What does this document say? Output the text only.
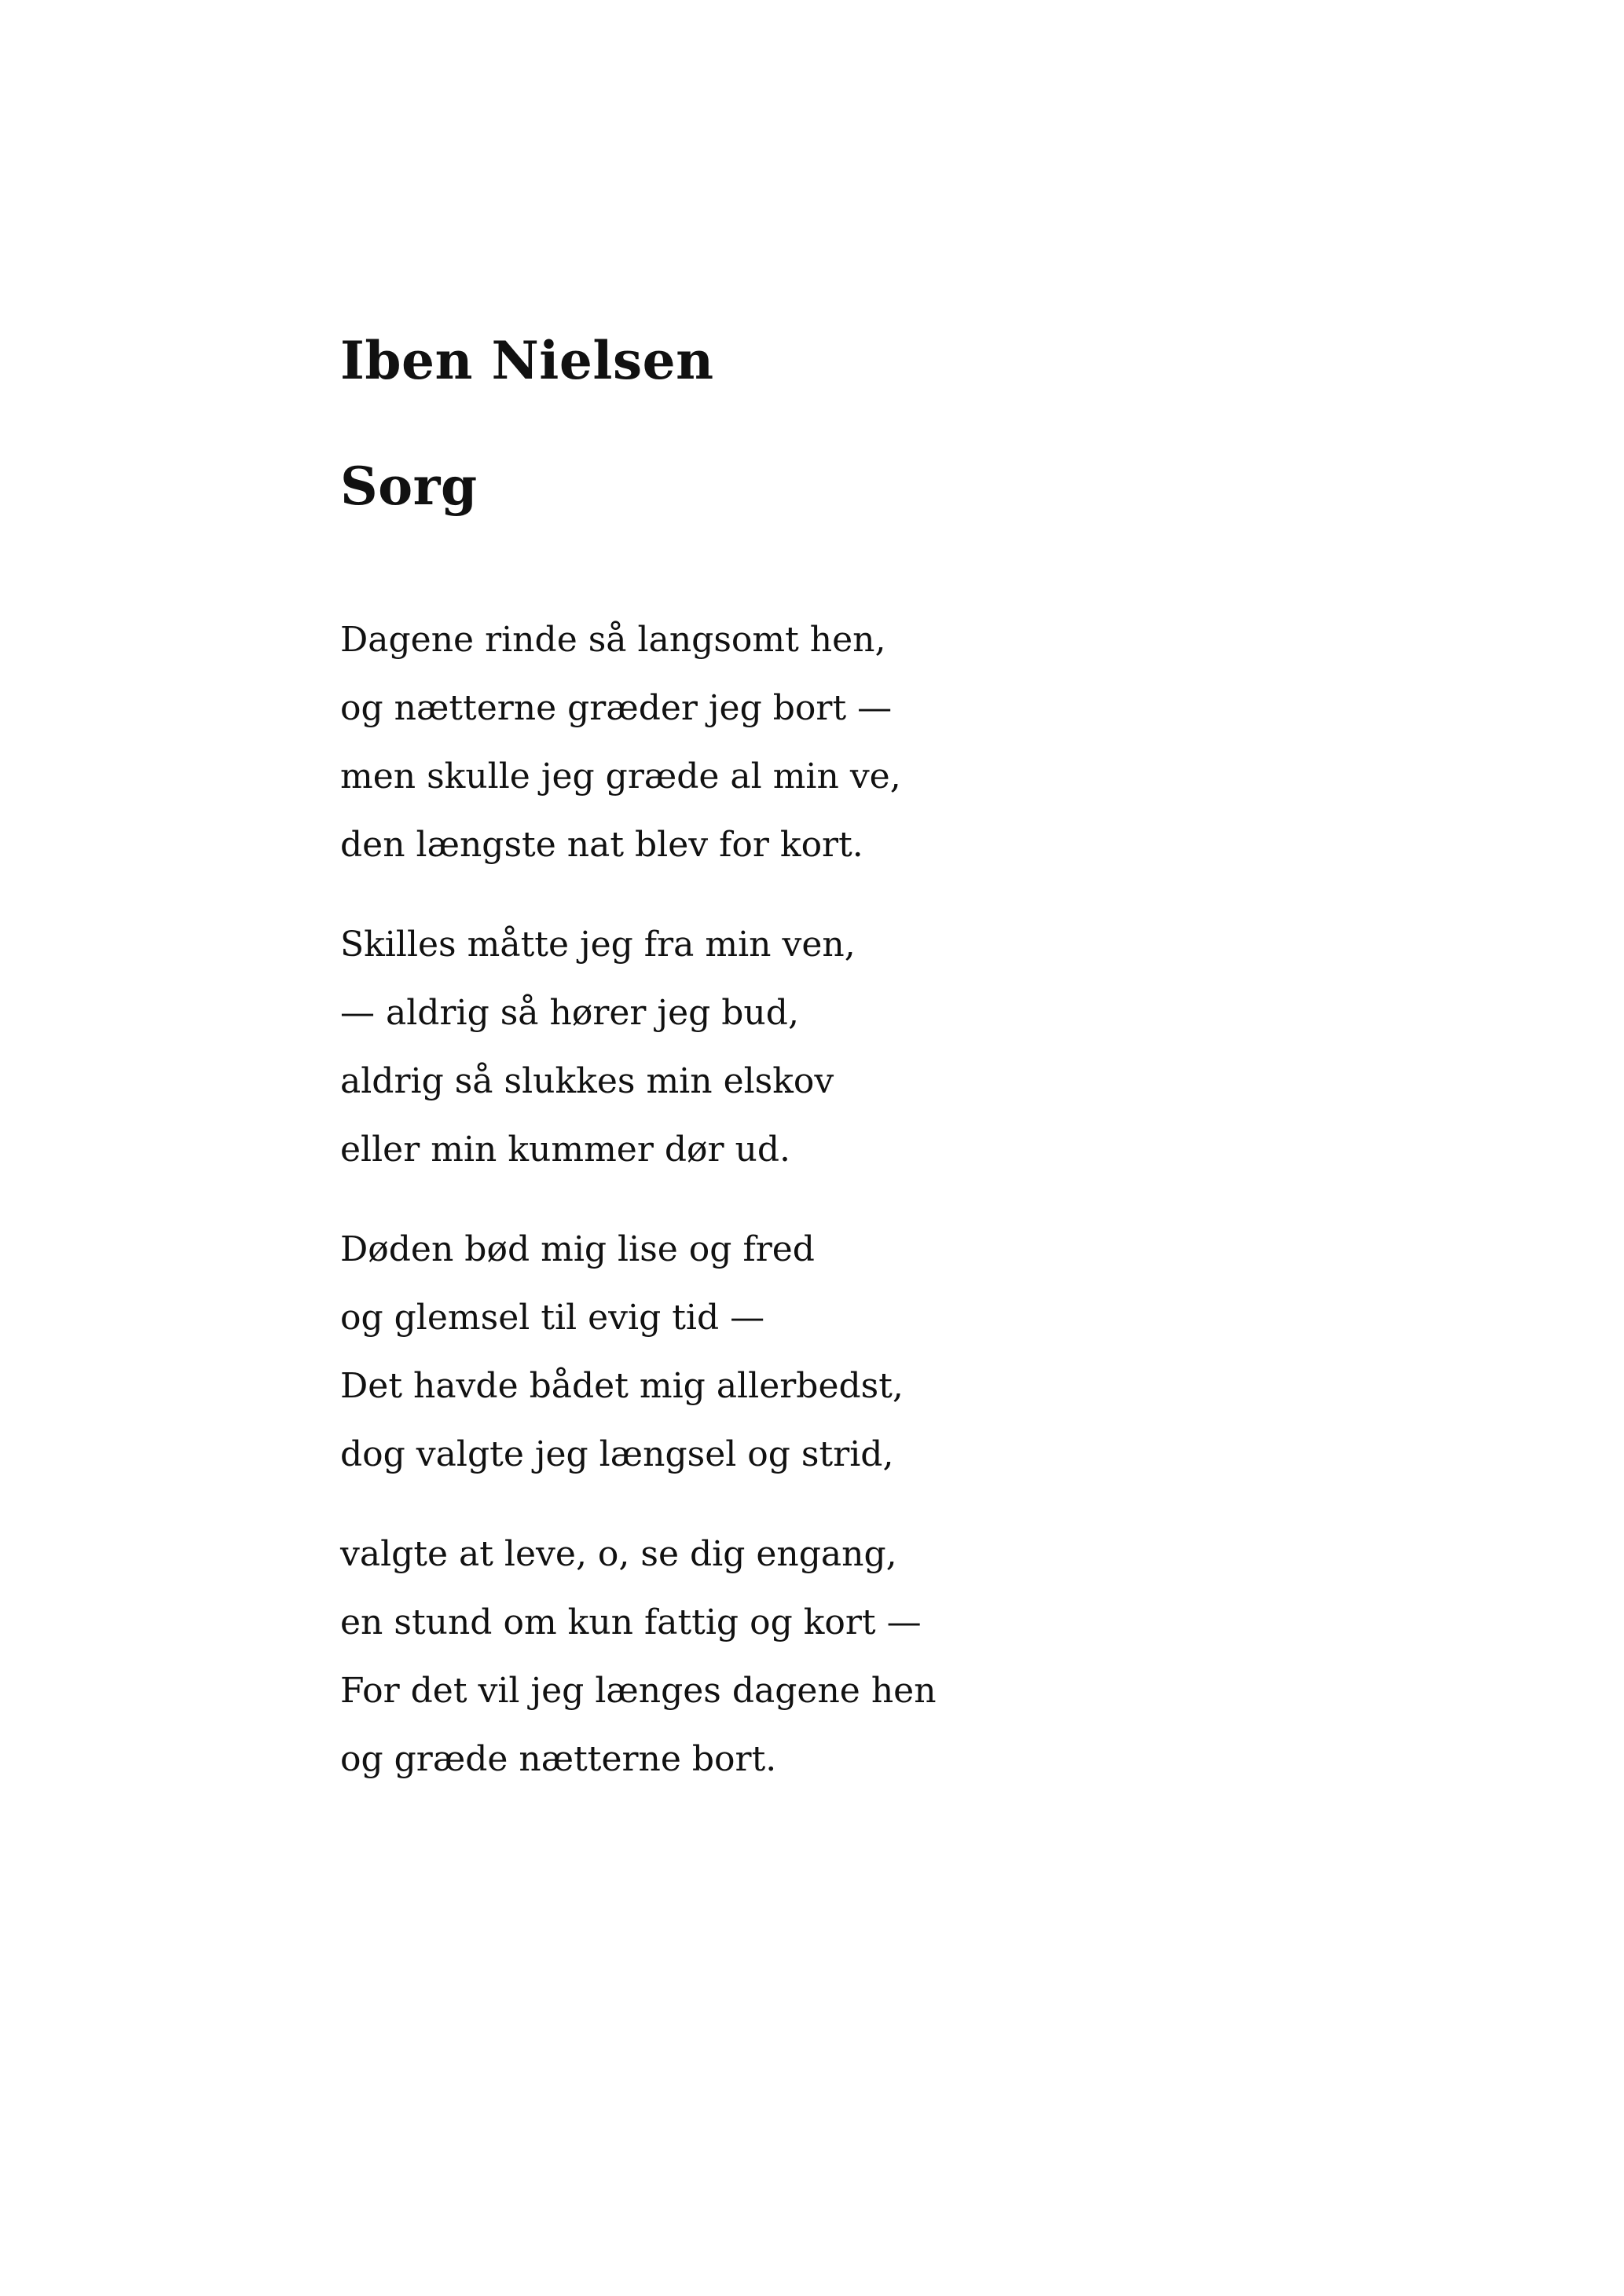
Iben Nielsen
Sorg
Dagene rinde så langsomt hen,
og nætterne græder jeg bort —
men skulle jeg græde al min ve,
den længste nat blev for kort.
Skilles måtte jeg fra min ven,
— aldrig så hører jeg bud,
aldrig så slukkes min elskov
eller min kummer dør ud.
Døden bød mig lise og fred
og glemsel til evig tid —
Det havde bådet mig allerbedst,
dog valgte jeg længsel og strid,
valgte at leve, o, se dig engang,
en stund om kun fattig og kort —
For det vil jeg længes dagene hen
og græde nætterne bort.
